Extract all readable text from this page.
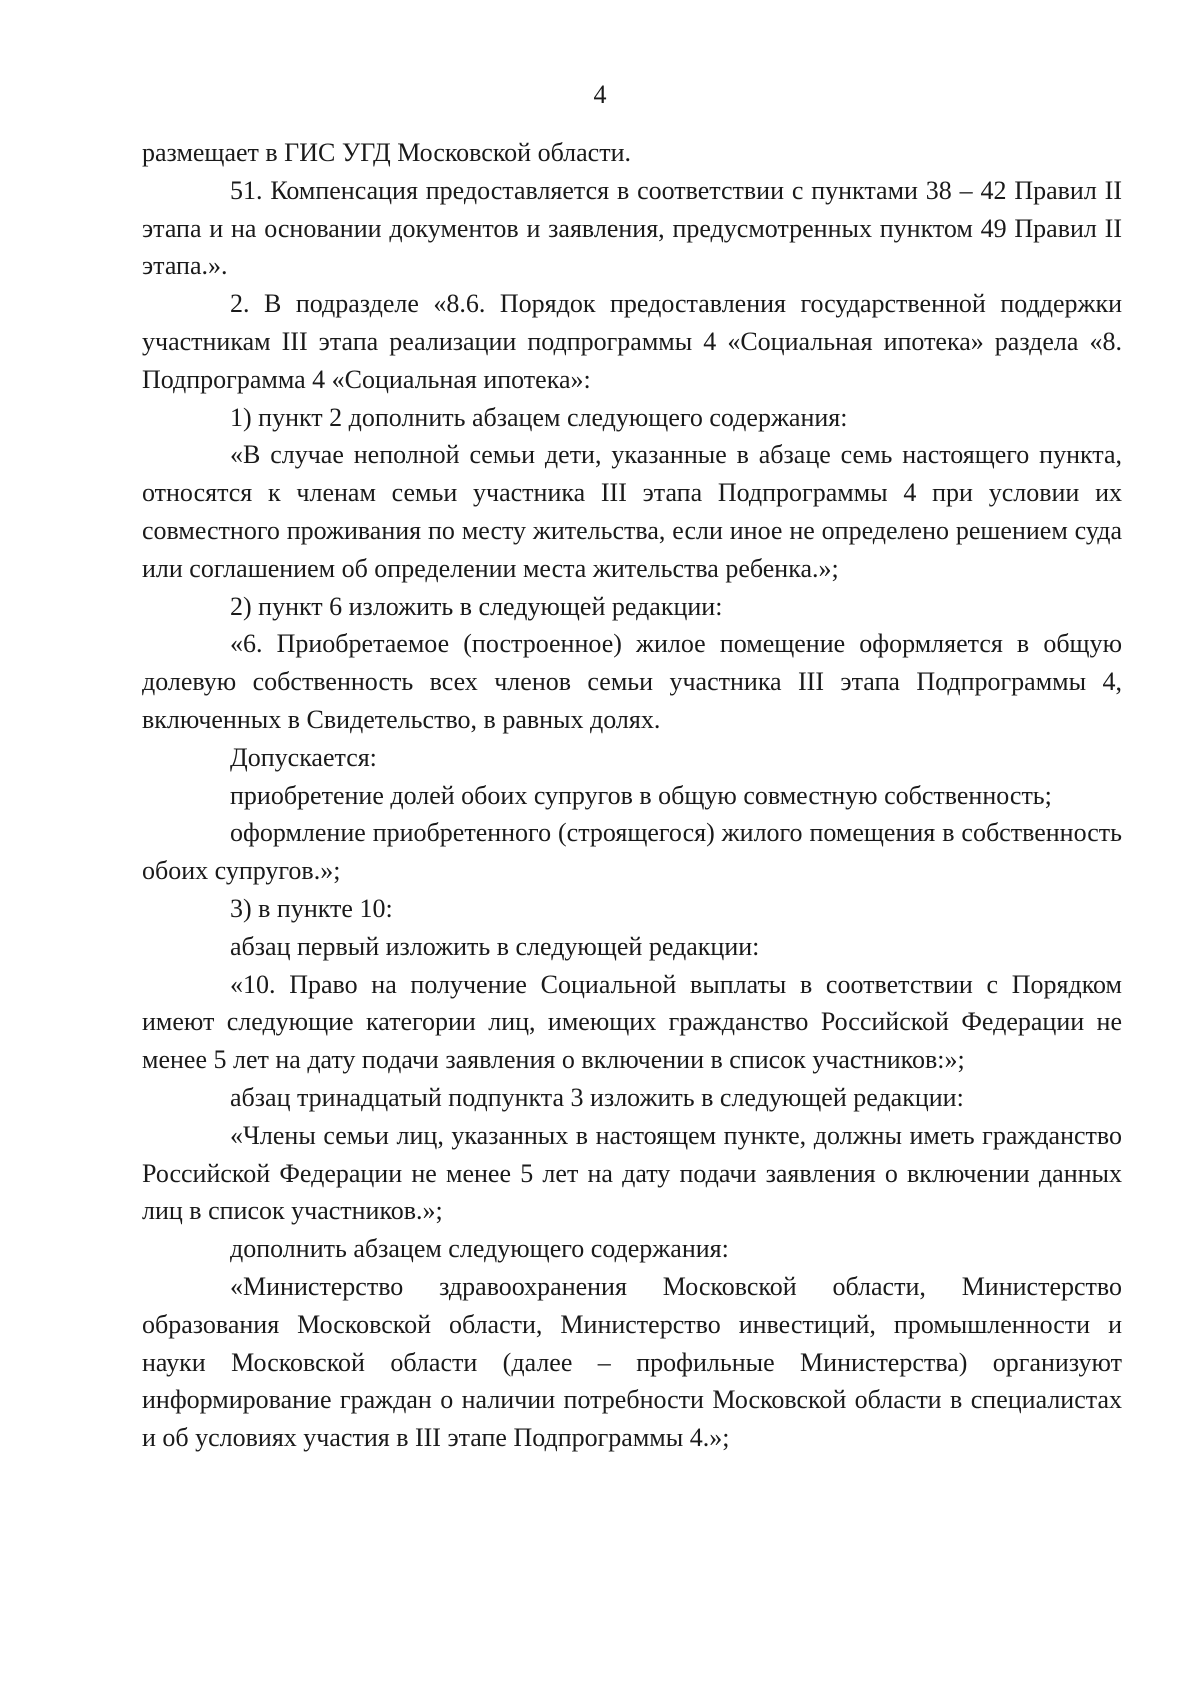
4

размещает в ГИС УГД Московской области.

51. Компенсация предоставляется в соответствии с пунктами 38 – 42 Правил II этапа и на основании документов и заявления, предусмотренных пунктом 49 Правил II этапа.».

2. В подразделе «8.6. Порядок предоставления государственной поддержки участникам III этапа реализации подпрограммы 4 «Социальная ипотека» раздела «8. Подпрограмма 4 «Социальная ипотека»:

1) пункт 2 дополнить абзацем следующего содержания:

«В случае неполной семьи дети, указанные в абзаце семь настоящего пункта, относятся к членам семьи участника III этапа Подпрограммы 4 при условии их совместного проживания по месту жительства, если иное не определено решением суда или соглашением об определении места жительства ребенка.»;

2) пункт 6 изложить в следующей редакции:

«6. Приобретаемое (построенное) жилое помещение оформляется в общую долевую собственность всех членов семьи участника III этапа Подпрограммы 4, включенных в Свидетельство, в равных долях.

Допускается:

приобретение долей обоих супругов в общую совместную собственность;

оформление приобретенного (строящегося) жилого помещения в собственность обоих супругов.»;

3) в пункте 10:

абзац первый изложить в следующей редакции:

«10. Право на получение Социальной выплаты в соответствии с Порядком имеют следующие категории лиц, имеющих гражданство Российской Федерации не менее 5 лет на дату подачи заявления о включении в список участников:»;

абзац тринадцатый подпункта 3 изложить в следующей редакции:

«Члены семьи лиц, указанных в настоящем пункте, должны иметь гражданство Российской Федерации не менее 5 лет на дату подачи заявления о включении данных лиц в список участников.»;

дополнить абзацем следующего содержания:

«Министерство здравоохранения Московской области, Министерство образования Московской области, Министерство инвестиций, промышленности и науки Московской области (далее – профильные Министерства) организуют информирование граждан о наличии потребности Московской области в специалистах и об условиях участия в III этапе Подпрограммы 4.»;
